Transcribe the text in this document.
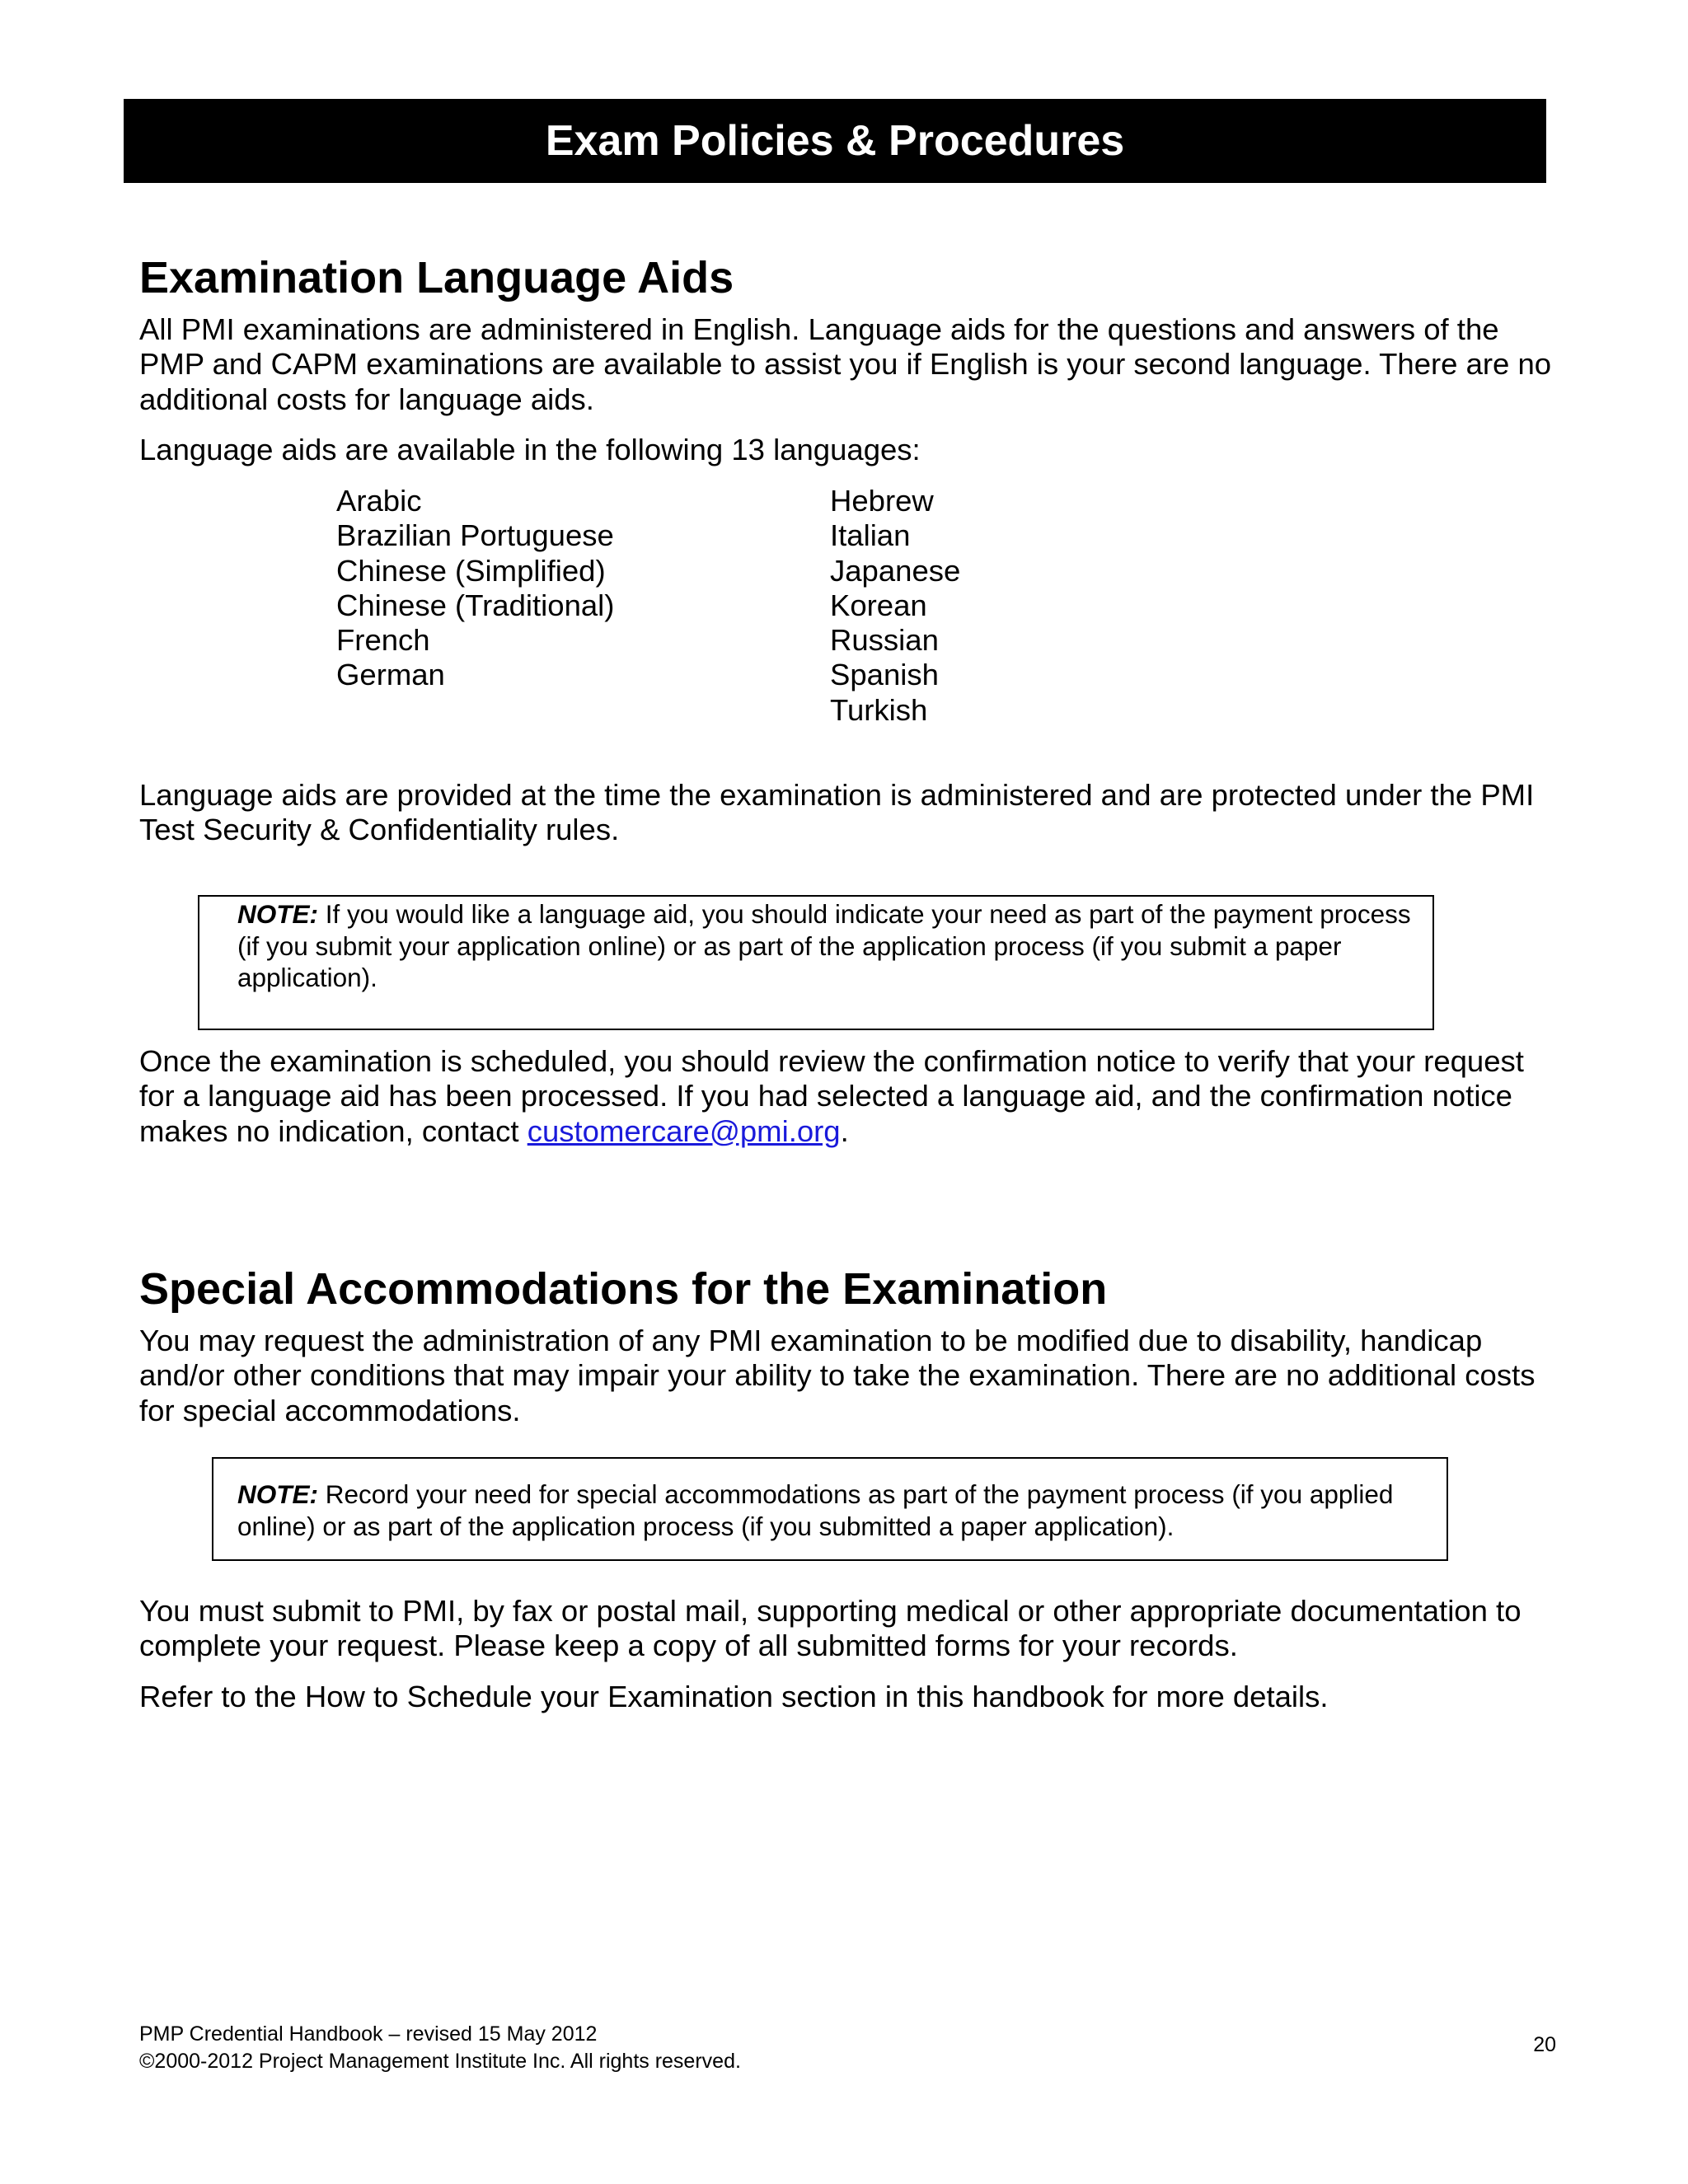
Exam Policies & Procedures
Examination Language Aids

All PMI examinations are administered in English. Language aids for the questions and answers of the PMP and CAPM examinations are available to assist you if English is your second language. There are no additional costs for language aids.

Language aids are available in the following 13 languages:

Arabic
Brazilian Portuguese
Chinese (Simplified)
Chinese (Traditional)
French
German
Hebrew
Italian
Japanese
Korean
Russian
Spanish
Turkish

Language aids are provided at the time the examination is administered and are protected under the PMI Test Security & Confidentiality rules.

NOTE: If you would like a language aid, you should indicate your need as part of the payment process (if you submit your application online) or as part of the application process (if you submit a paper application).

Once the examination is scheduled, you should review the confirmation notice to verify that your request for a language aid has been processed. If you had selected a language aid, and the confirmation notice makes no indication, contact customercare@pmi.org.

Special Accommodations for the Examination

You may request the administration of any PMI examination to be modified due to disability, handicap and/or other conditions that may impair your ability to take the examination. There are no additional costs for special accommodations.

NOTE: Record your need for special accommodations as part of the payment process (if you applied online) or as part of the application process (if you submitted a paper application).

You must submit to PMI, by fax or postal mail, supporting medical or other appropriate documentation to complete your request. Please keep a copy of all submitted forms for your records.

Refer to the How to Schedule your Examination section in this handbook for more details.

PMP Credential Handbook – revised 15 May 2012

©2000-2012 Project Management Institute Inc. All rights reserved.

20
